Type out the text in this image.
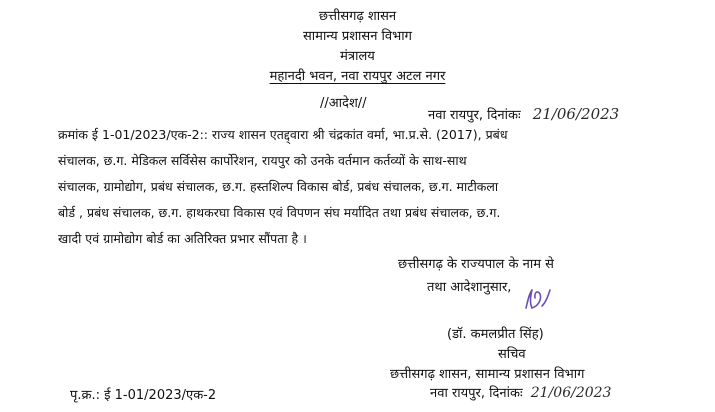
छत्तीसगढ़ शासन
सामान्य प्रशासन विभाग
मंत्रालय
महानदी भवन, नवा रायपुर अटल नगर
//आदेश//
नवा रायपुर, दिनांकः 21/06/2023
क्रमांक ई 1-01/2023/एक-2:: राज्य शासन एतद्द्वारा श्री चंद्रकांत वर्मा, भा.प्र.से. (2017), प्रबंध
संचालक, छ.ग. मेडिकल सर्विसेस कार्पोरेशन, रायपुर को उनके वर्तमान कर्तव्यों के साथ-साथ
संचालक, ग्रामोद्योग, प्रबंध संचालक, छ.ग. हस्तशिल्प विकास बोर्ड, प्रबंध संचालक, छ.ग. माटीकला
बोर्ड , प्रबंध संचालक, छ.ग. हाथकरघा विकास एवं विपणन संघ मर्यादित तथा प्रबंध संचालक, छ.ग.
खादी एवं ग्रामोद्योग बोर्ड का अतिरिक्त प्रभार सौंपता है ।
छत्तीसगढ़ के राज्यपाल के नाम से
तथा आदेशानुसार,
(डॉ. कमलप्रीत सिंह)
सचिव
छत्तीसगढ़ शासन, सामान्य प्रशासन विभाग
पृ.क्र.: ई 1-01/2023/एक-2	नवा रायपुर, दिनांकः 21/06/2023
